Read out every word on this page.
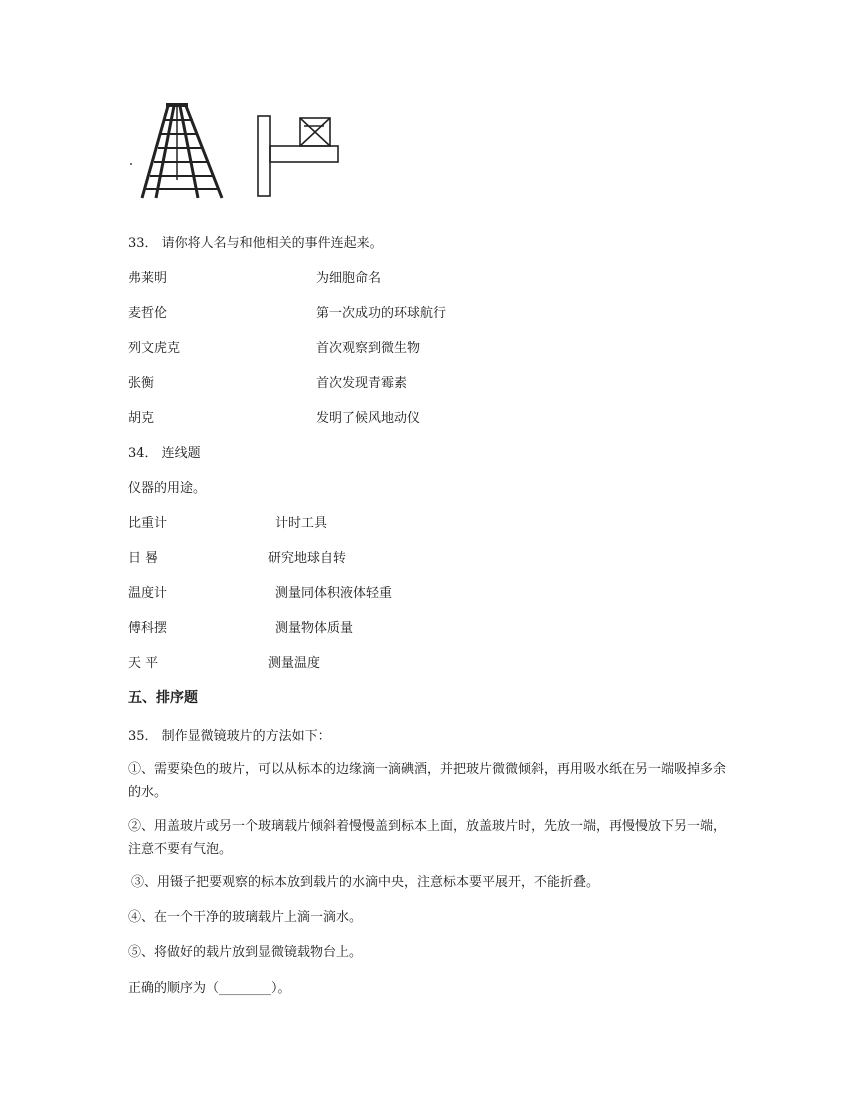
33． 请你将人名与和他相关的事件连起来。
弗莱明	为细胞命名
麦哲伦	第一次成功的环球航行
列文虎克	首次观察到微生物
张衡	首次发现青霉素
胡克	发明了候风地动仪
34． 连线题
仪器的用途。
比重计	计时工具
日 晷	研究地球自转
温度计	测量同体积液体轻重
傅科摆	测量物体质量
天 平	测量温度
五、排序题
35． 制作显微镜玻片的方法如下：
①、需要染色的玻片，可以从标本的边缘滴一滴碘酒，并把玻片微微倾斜，再用吸水纸在另一端吸掉多余的水。
②、用盖玻片或另一个玻璃载片倾斜着慢慢盖到标本上面，放盖玻片时，先放一端，再慢慢放下另一端，注意不要有气泡。
③、用镊子把要观察的标本放到载片的水滴中央，注意标本要平展开，不能折叠。
④、在一个干净的玻璃载片上滴一滴水。
⑤、将做好的载片放到显微镜载物台上。
正确的顺序为（________）。
